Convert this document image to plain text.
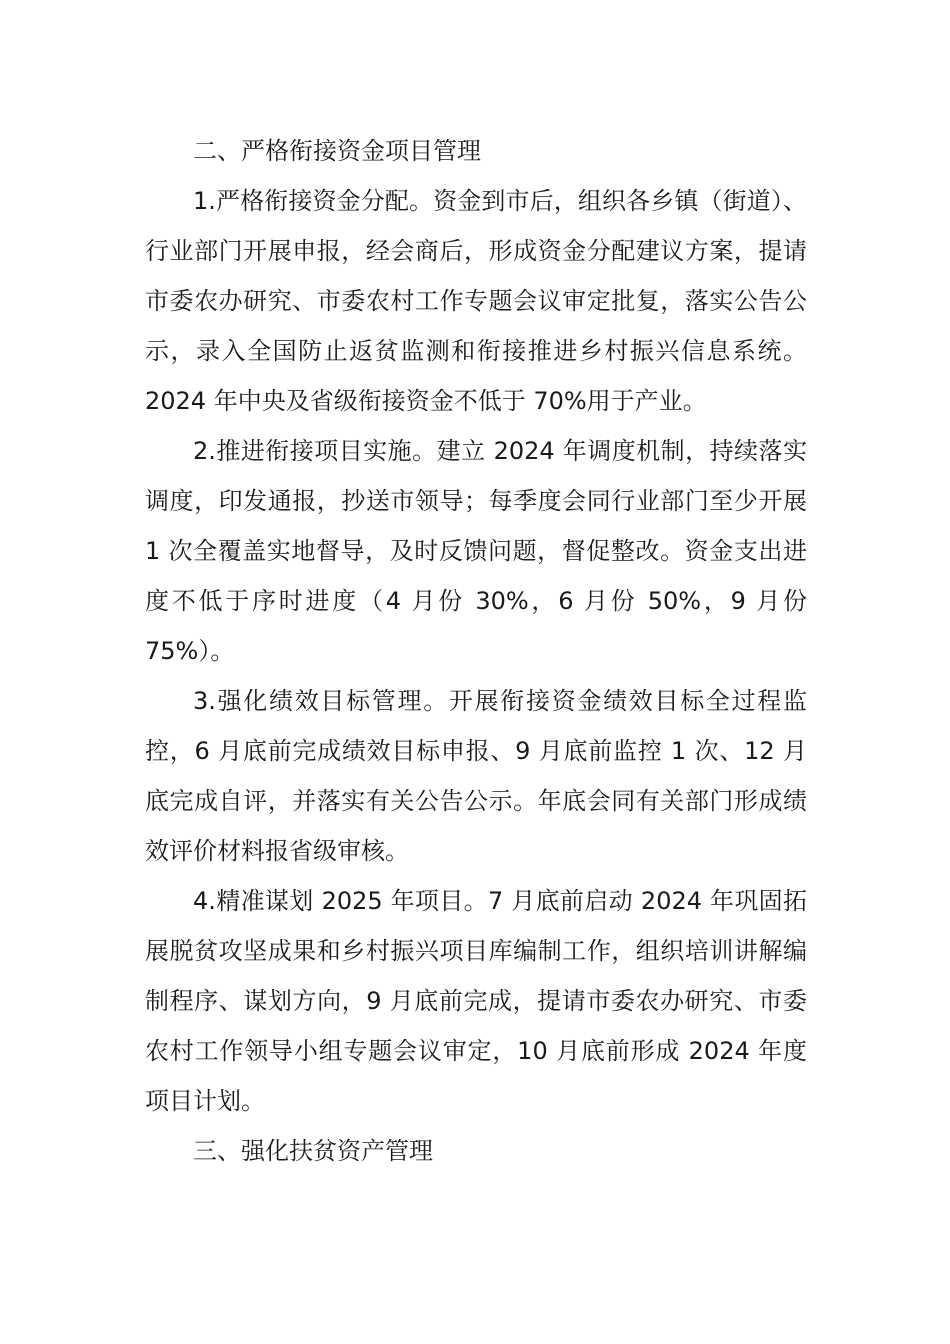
二、严格衔接资金项目管理

1.严格衔接资金分配。资金到市后，组织各乡镇（街道）、行业部门开展申报，经会商后，形成资金分配建议方案，提请市委农办研究、市委农村工作专题会议审定批复，落实公告公示，录入全国防止返贫监测和衔接推进乡村振兴信息系统。2024 年中央及省级衔接资金不低于 70%用于产业。

2.推进衔接项目实施。建立 2024 年调度机制，持续落实调度，印发通报，抄送市领导；每季度会同行业部门至少开展 1 次全覆盖实地督导，及时反馈问题，督促整改。资金支出进度不低于序时进度（4 月份 30%，6 月份 50%，9 月份 75%）。

3.强化绩效目标管理。开展衔接资金绩效目标全过程监控，6 月底前完成绩效目标申报、9 月底前监控 1 次、12 月底完成自评，并落实有关公告公示。年底会同有关部门形成绩效评价材料报省级审核。

4.精准谋划 2025 年项目。7 月底前启动 2024 年巩固拓展脱贫攻坚成果和乡村振兴项目库编制工作，组织培训讲解编制程序、谋划方向，9 月底前完成，提请市委农办研究、市委农村工作领导小组专题会议审定，10 月底前形成 2024 年度项目计划。

三、强化扶贫资产管理
